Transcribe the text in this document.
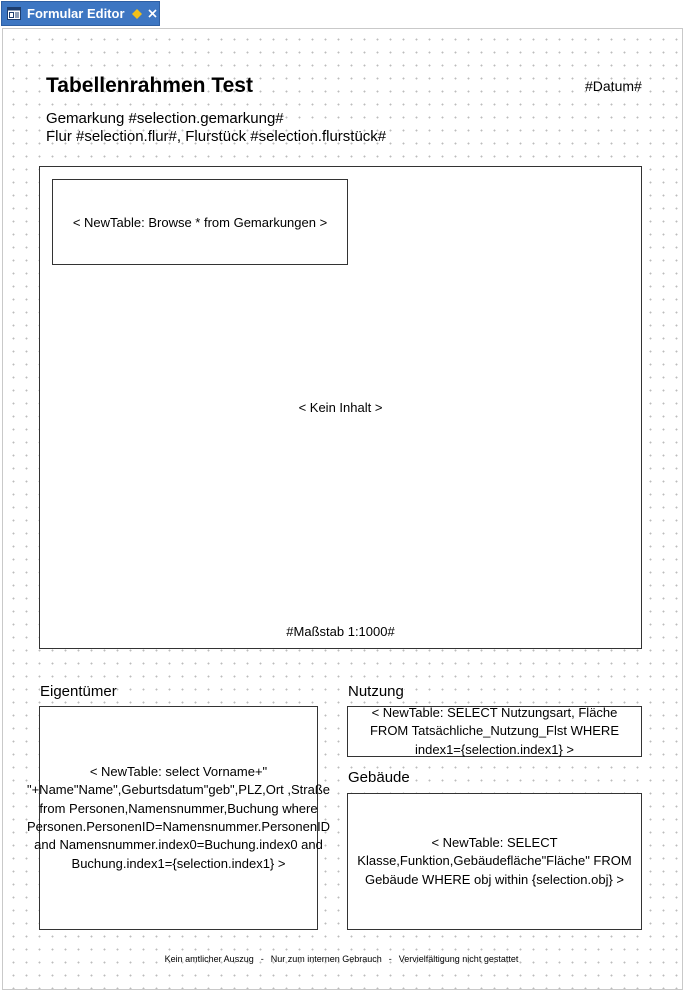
Formular Editor
Tabellenrahmen Test	#Datum#
Gemarkung #selection.gemarkung#
Flur #selection.flur#, Flurstück #selection.flurstück#
< NewTable: Browse * from Gemarkungen >
< Kein Inhalt >
#Maßstab 1:1000#
Eigentümer
< NewTable: select Vorname+" "+Name"Name",Geburtsdatum"geb",PLZ,Ort ,Straße from Personen,Namensnummer,Buchung where Personen.PersonenID=Namensnummer.PersonenID and Namensnummer.index0=Buchung.index0 and Buchung.index1={selection.index1} >
Nutzung
< NewTable: SELECT Nutzungsart, Fläche FROM Tatsächliche_Nutzung_Flst WHERE index1={selection.index1} >
Gebäude
< NewTable: SELECT Klasse,Funktion,Gebäudefläche"Fläche" FROM Gebäude WHERE obj within {selection.obj} >
Kein amtlicher Auszug - Nur zum internen Gebrauch - Vervielfältigung nicht gestattet
